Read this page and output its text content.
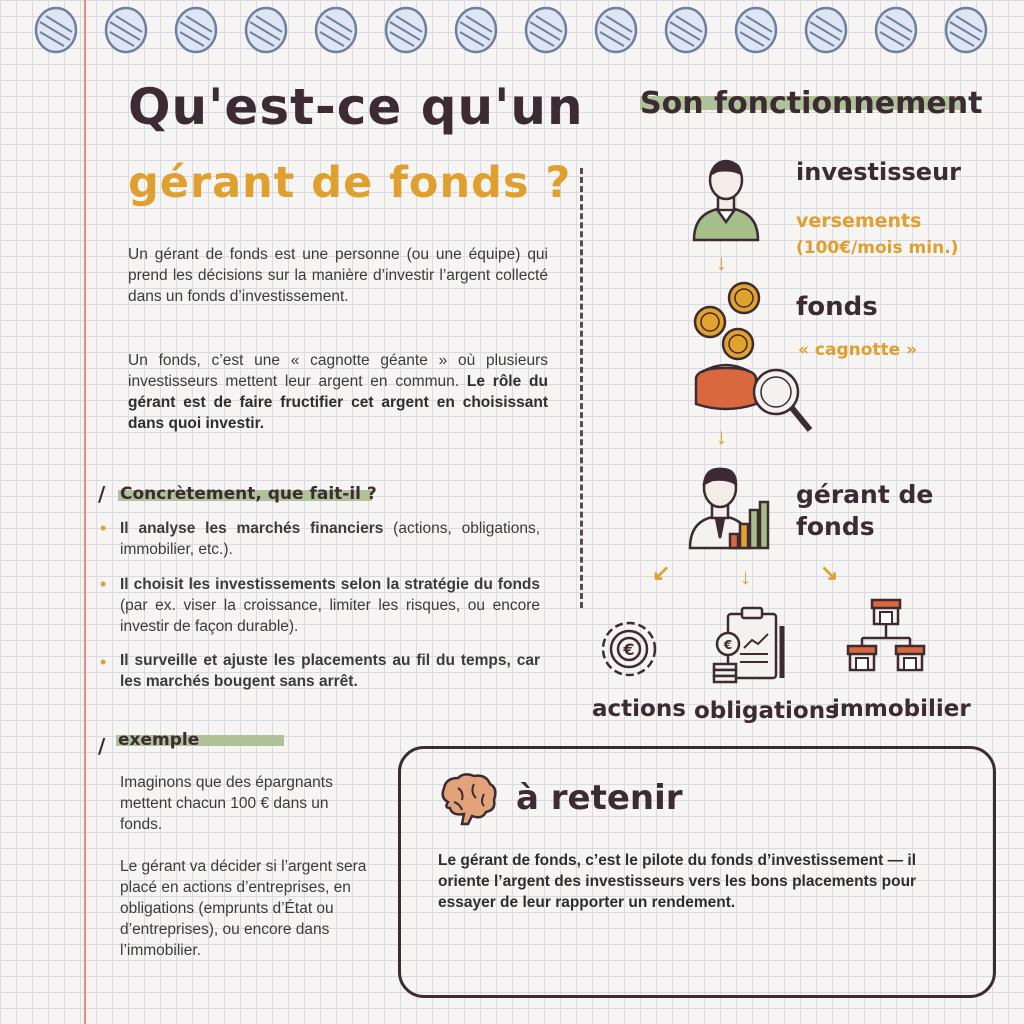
Qu'est-ce qu'un
gérant de fonds ?

Un gérant de fonds est une personne (ou une équipe) qui prend les décisions sur la manière d’investir l’argent collecté dans un fonds d’investissement.

Un fonds, c’est une « cagnotte géante » où plusieurs investisseurs mettent leur argent en commun. Le rôle du gérant est de faire fructifier cet argent en choisissant dans quoi investir.

/ Concrètement, que fait-il ?
• Il analyse les marchés financiers (actions, obligations, immobilier, etc.).

• Il choisit les investissements selon la stratégie du fonds (par ex. viser la croissance, limiter les risques, ou encore investir de façon durable).

• Il surveille et ajuste les placements au fil du temps, car les marchés bougent sans arrêt.

/ exemple

Imaginons que des épargnants mettent chacun 100 € dans un fonds.

Le gérant va décider si l’argent sera placé en actions d’entreprises, en obligations (emprunts d’État ou d’entreprises), ou encore dans l’immobilier.

Son fonctionnement
investisseur
versements
(100€/mois min.)
↓
fonds
« cagnotte »
↓
gérant de
fonds
↙	↓	↘
€
actions
€
obligations
immobilier
à retenir

Le gérant de fonds, c’est le pilote du fonds d’investissement — il oriente l’argent des investisseurs vers les bons placements pour essayer de leur rapporter un rendement.
